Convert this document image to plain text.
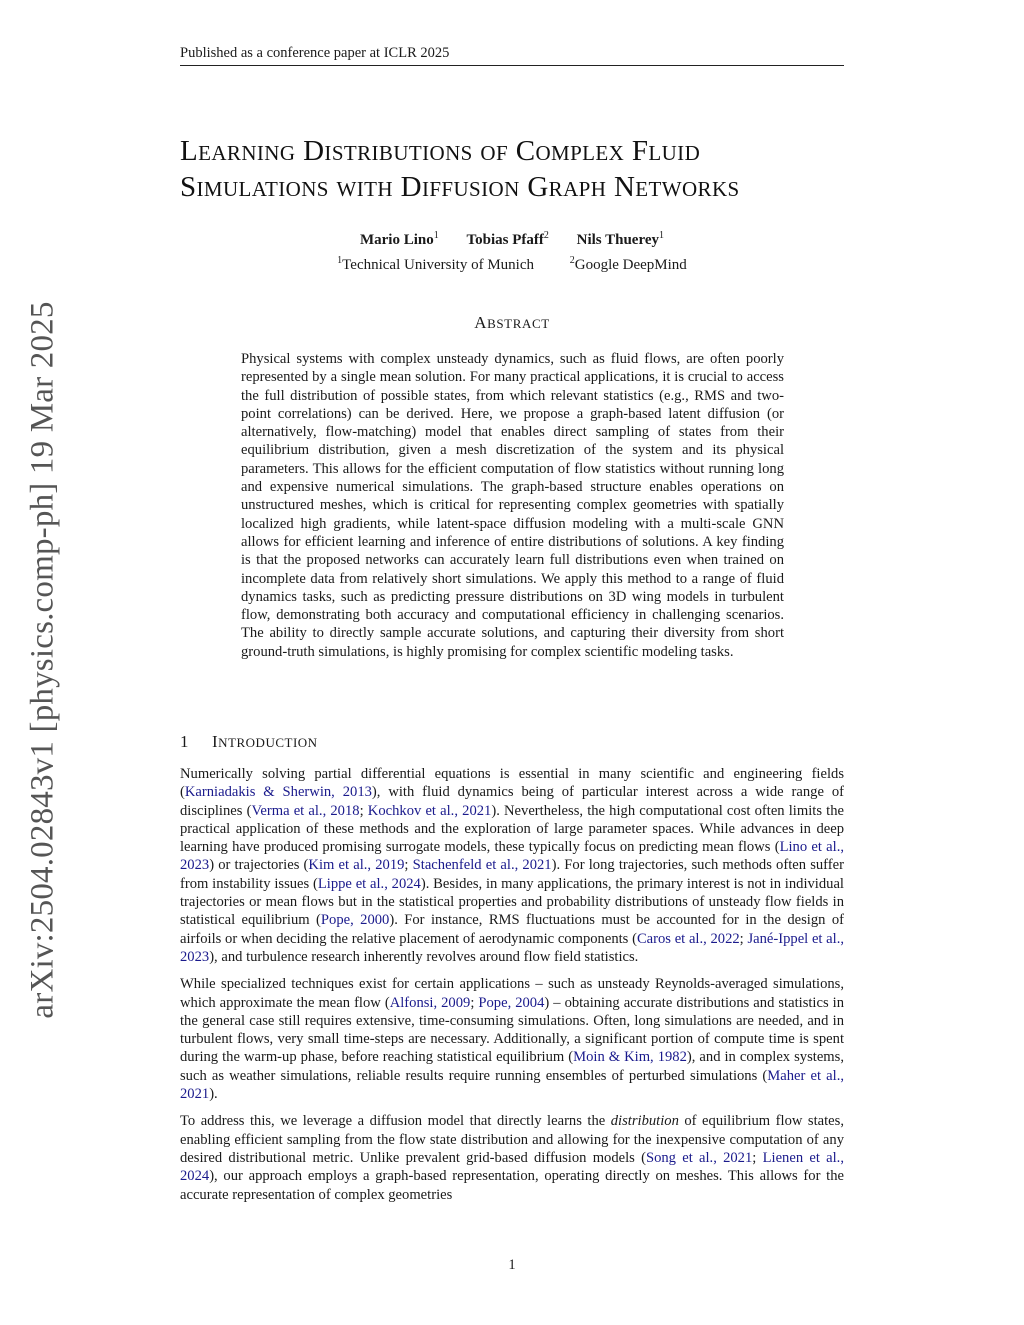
Published as a conference paper at ICLR 2025
arXiv:2504.02843v1 [physics.comp-ph] 19 Mar 2025
LEARNING DISTRIBUTIONS OF COMPLEX FLUID
SIMULATIONS WITH DIFFUSION GRAPH NETWORKS
Mario Lino$^1$ Tobias Pfaff$^2$ Nils Thuerey$^1$
$^1$Technical University of Munich	$^2$Google DeepMind
ABSTRACT

Physical systems with complex unsteady dynamics, such as fluid flows, are often poorly represented by a single mean solution. For many practical applications, it is crucial to access the full distribution of possible states, from which relevant statistics (e.g., RMS and two-point correlations) can be derived. Here, we propose a graph-based latent diffusion (or alternatively, flow-matching) model that enables direct sampling of states from their equilibrium distribution, given a mesh discretization of the system and its physical parameters. This allows for the efficient computation of flow statistics without running long and expensive numerical simulations. The graph-based structure enables operations on unstructured meshes, which is critical for representing complex geometries with spatially localized high gradients, while latent-space diffusion modeling with a multi-scale GNN allows for efficient learning and inference of entire distributions of solutions. A key finding is that the proposed networks can accurately learn full distributions even when trained on incomplete data from relatively short simulations. We apply this method to a range of fluid dynamics tasks, such as predicting pressure distributions on 3D wing models in turbulent flow, demonstrating both accuracy and computational efficiency in challenging scenarios. The ability to directly sample accurate solutions, and capturing their diversity from short ground-truth simulations, is highly promising for complex scientific modeling tasks.

1 INTRODUCTION

Numerically solving partial differential equations is essential in many scientific and engineering fields (Karniadakis & Sherwin, 2013), with fluid dynamics being of particular interest across a wide range of disciplines (Verma et al., 2018; Kochkov et al., 2021). Nevertheless, the high computational cost often limits the practical application of these methods and the exploration of large parameter spaces. While advances in deep learning have produced promising surrogate models, these typically focus on predicting mean flows (Lino et al., 2023) or trajectories (Kim et al., 2019; Stachenfeld et al., 2021). For long trajectories, such methods often suffer from instability issues (Lippe et al., 2024). Besides, in many applications, the primary interest is not in individual trajectories or mean flows but in the statistical properties and probability distributions of unsteady flow fields in statistical equilibrium (Pope, 2000). For instance, RMS fluctuations must be accounted for in the design of airfoils or when deciding the relative placement of aerodynamic components (Caros et al., 2022; Jané-Ippel et al., 2023), and turbulence research inherently revolves around flow field statistics.

While specialized techniques exist for certain applications – such as unsteady Reynolds-averaged simulations, which approximate the mean flow (Alfonsi, 2009; Pope, 2004) – obtaining accurate distributions and statistics in the general case still requires extensive, time-consuming simulations. Often, long simulations are needed, and in turbulent flows, very small time-steps are necessary. Additionally, a significant portion of compute time is spent during the warm-up phase, before reaching statistical equilibrium (Moin & Kim, 1982), and in complex systems, such as weather simulations, reliable results require running ensembles of perturbed simulations (Maher et al., 2021).

To address this, we leverage a diffusion model that directly learns the distribution of equilibrium flow states, enabling efficient sampling from the flow state distribution and allowing for the inexpensive computation of any desired distributional metric. Unlike prevalent grid-based diffusion models (Song et al., 2021; Lienen et al., 2024), our approach employs a graph-based representation, operating directly on meshes. This allows for the accurate representation of complex geometries

1
